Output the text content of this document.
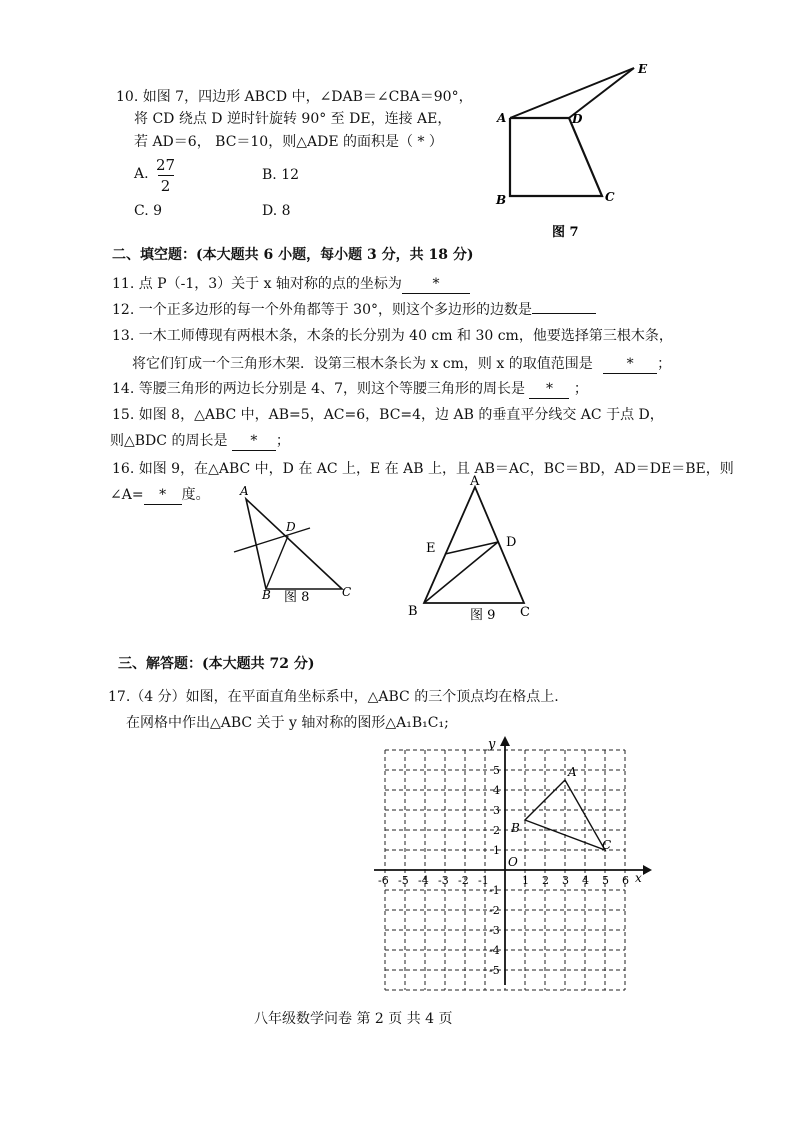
10. 如图 7，四边形 ABCD 中，∠DAB＝∠CBA＝90°，
将 CD 绕点 D 逆时针旋转 90° 至 DE，连接 AE，
若 AD＝6， BC＝10，则△ADE 的面积是（ * ）
A. 27
2
B. 12
C. 9	D. 8
A
B	C
D
E
图 7
二、填空题：(本大题共 6 小题，每小题 3 分，共 18 分)
11. 点 P（-1，3）关于 x 轴对称的点的坐标为 *
12. 一个正多边形的每一个外角都等于 30°，则这个多边形的边数是
13. 一木工师傅现有两根木条，木条的长分别为 40 cm 和 30 cm，他要选择第三根木条，
将它们钉成一个三角形木架．设第三根木条长为 x cm，则 x 的取值范围是 * ；
14. 等腰三角形的两边长分别是 4、7，则这个等腰三角形的周长是 * ；
15. 如图 8，△ABC 中，AB=5，AC=6，BC=4，边 AB 的垂直平分线交 AC 于点 D，
则△BDC 的周长是 * ；
16. 如图 9，在△ABC 中，D 在 AC 上，E 在 AB 上，且 AB＝AC，BC＝BD，AD＝DE＝BE，则
∠A= * 度。	A
B	C
D
图 8
A
B	C
D
E
图 9
三、解答题：(本大题共 72 分)
17.（4 分）如图，在平面直角坐标系中，△ABC 的三个顶点均在格点上.
在网格中作出△ABC 关于 y 轴对称的图形△A₁B₁C₁;
x
y
O
-6 -5 -4 -3 -2 -1	1 2 3 4 5 6
5
4
3
2
1
-1
-2
-3
-4
-5
A
B
C
八年级数学问卷 第 2 页 共 4 页
